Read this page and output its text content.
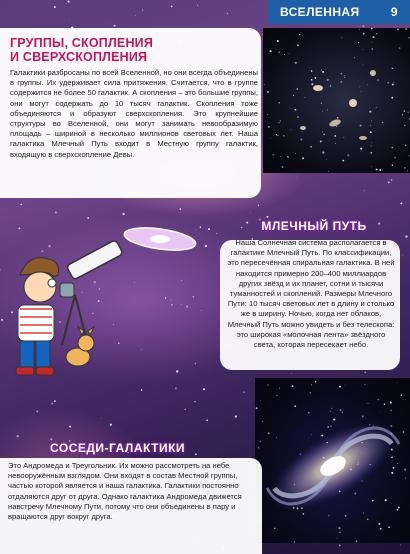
ВСЕЛЕННАЯ	9
ГРУППЫ, СКОПЛЕНИЯ
И СВЕРХСКОПЛЕНИЯ

Галактики разбросаны по всей Вселенной, но они всегда объединены в группы. Их удерживает сила притяжения. Считается, что в группе содержится не более 50 галактик. А скопления – это большие группы, они могут содержать до 10 тысяч галактик. Скопления тоже объединяются и образуют сверхскопления. Это крупнейшие структуры во Вселенной, они могут занимать невообразимую площадь – шириной в несколько миллионов световых лет. Наша галактика Млечный Путь входит в Местную группу галактик, входящую в сверхскопление Девы.

МЛЕЧНЫЙ ПУТЬ

Наша Солнечная система располагается в галактике Млечный Путь. По классификации, это пересечённая спиральная галактика. В ней находится примерно 200–400 миллиардов других звёзд и их планет, сотни и тысячи туманностей и скоплений. Размеры Млечного Пути: 10 тысяч световых лет в длину и столько же в ширину. Ночью, когда нет облаков, Млечный Путь можно увидеть и без телескопа: это широкая «молочная лента» звёздного света, которая пересекает небо.

СОСЕДИ-ГАЛАКТИКИ

Это Андромеда и Треугольник. Их можно рассмотреть на небе невооружённым взглядом. Они входят в состав Местной группы, частью которой является и наша галактика. Галактики постоянно отдаляются друг от друга. Однако галактика Андромеда движется навстречу Млечному Пути, потому что они объединены в пару и вращаются друг вокруг друга.
